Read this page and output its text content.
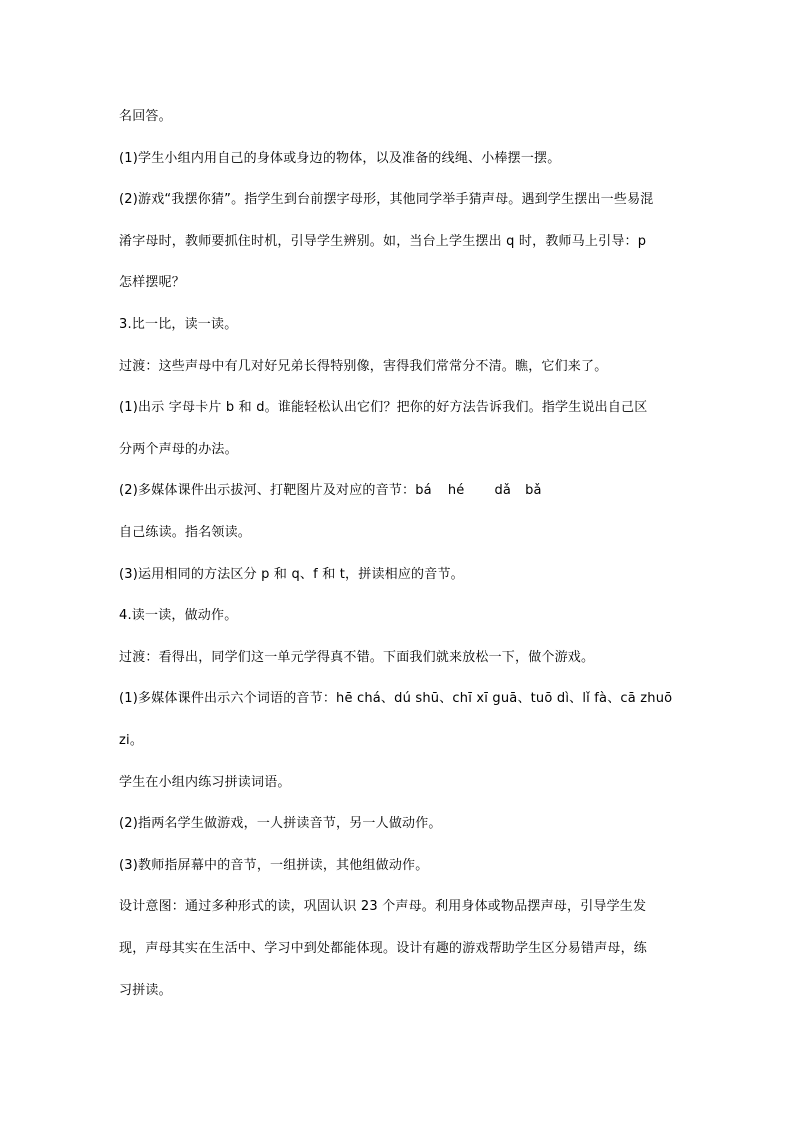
名回答。
(1)学生小组内用自己的身体或身边的物体，以及准备的线绳、小棒摆一摆。
(2)游戏“我摆你猜”。指学生到台前摆字母形，其他同学举手猜声母。遇到学生摆出一些易混
淆字母时，教师要抓住时机，引导学生辨别。如，当台上学生摆出 q 时，教师马上引导：p
怎样摆呢？
3.比一比，读一读。
过渡：这些声母中有几对好兄弟长得特别像，害得我们常常分不清。瞧，它们来了。
(1)出示 字母卡片 b 和 d。谁能轻松认出它们？把你的好方法告诉我们。指学生说出自己区
分两个声母的办法。
(2)多媒体课件出示拔河、打靶图片及对应的音节：bá hé dǎ bǎ
自己练读。指名领读。
(3)运用相同的方法区分 p 和 q、f 和 t，拼读相应的音节。
4.读一读，做动作。
过渡：看得出，同学们这一单元学得真不错。下面我们就来放松一下，做个游戏。
(1)多媒体课件出示六个词语的音节：hē chá、dú shū、chī xī guā、tuō dì、lǐ fà、cā zhuō
zi。
学生在小组内练习拼读词语。
(2)指两名学生做游戏，一人拼读音节，另一人做动作。
(3)教师指屏幕中的音节，一组拼读，其他组做动作。
设计意图：通过多种形式的读，巩固认识 23 个声母。利用身体或物品摆声母，引导学生发
现，声母其实在生活中、学习中到处都能体现。设计有趣的游戏帮助学生区分易错声母，练
习拼读。
